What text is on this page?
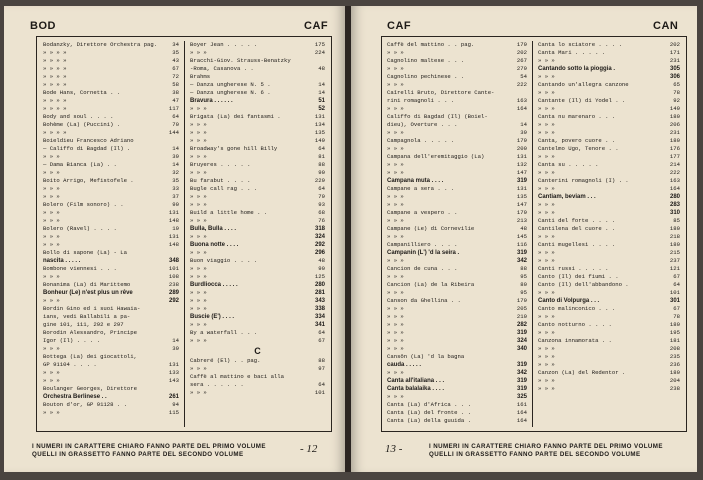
BOD	CAF
Bodanzky, Direttore Orchestra pag.	34
» » » »	35
» » » »	43
» » » »	67
» » » »	72
» » » »	58
Bode Hans, Cornetta . .	38
» » » »	47
» » » »	117
Body and soul . . . .	64
Bohème (La) (Puccini) .	70
» » » »	144
Boieldieu Francesco Adriano
— Califfo di Bagdad (Il) .	14
» » »	39
— Dama Bianca (La) . .	14
» » »	32
Boito Arrigo, Mefistofele .	35
» » »	33
» » »	37
Bolero (Film sonoro) . .	90
» » »	131
» » »	148
Bolero (Ravel) . . . .	19
» » »	131
» » »	148
Bollo di sapone (La) - La
nascita . . . . .	348
Bombone viennesi . . .	101
» » »	108
Bonanima (La) di Marittemo	238
Bonheur (Le) n'est plus un rêve	289
» » »	292
Bordin Gino ed i suoi Hawaia-
ians, vedi Ballabili a pa-
gine 101, 111, 292 e 297
Borodin Alessandro, Principe
Igor (Il) . . . .	14
» » »	39
Bottega (La) dei giocattoli,
GP 91104 . . . .	131
» » »	133
» » »	143
Boulanger Georges, Direttore
Orchestra Berlinese . .	261
Bouton d'or, GP 91128 . .	94
» » »	115
Boyer Jean . . . . .	175
» » »	224
Bracchi-Giov. Strauss-Benatzky
-Roma, Casanova . .	48
Brahms
— Danza ungherese N. 5 .	14
— Danza ungherese N. 6 .	14
Bravura . . . . . .	51
» » »	52
Brigata (La) dei fantasmi .	131
» » »	134
» » »	135
» » »	149
Broadway's gone hill Billy	64
» » »	81
Bruyeres . . . . .	88
» » »	90
Bu farabut . . . .	229
Bugle call rag . . .	64
» » »	79
» » »	93
Build a little home . .	68
» » »	76
Bulla, Bulla . . . .	318
» » »	324
Buona notte . . . .	292
» » »	296
Buon viaggio . . . .	48
» » »	90
» » »	125
Burdliocca . . . . .	280
» » »	281
» » »	343
» » »	338
Buscie (E') . . . .	334
» » »	341
By a waterfall . . .	64
» » »	67
C
Cabreré (El) . . pag.	88
» » »	97
Caffè al mattino e baci alla
sera . . . . . .	64
» » »	101
I NUMERI IN CARATTERE CHIARO FANNO PARTE DEL PRIMO VOLUME
QUELLI IN GRASSETTO FANNO PARTE DEL SECONDO VOLUME	- 12
CAF	CAN
Caffè del mattino . . pag.	179
» » »	202
Cagnolino maltese . . .	267
» » »	279
Cagnolino pechinese . .	54
» » »	222
Caîrelli Bruto, Direttore Cante-
rini romagnoli . . .	163
» » »	164
Califfo di Bagdad (Il) (Boiel-
dieu), Overture . . .	14
» » »	39
Campagnola . . . . .	179
» » »	200
Campana dell'eremitaggio (La)	131
» » »	132
» » »	147
Campana muta . . . .	319
Campane a sera . . .	131
» » »	135
» » »	147
Campane a vespero . .	179
» » »	213
Campane (Le) di Cornevilie	48
» » »	145
Campanilliero . . . .	116
Campanin (L') 'd la seira .	319
» » »	342
Cancion de cuna . . .	88
» » »	95
Cancion (La) de la Ribeira	80
» » »	95
Canson da Ghellina . .	179
» » »	205
» » »	210
» » »	282
» » »	319
» » »	324
» » »	340
Cansôn (La) 'd la bagna
cauda . . . . .	319
» » »	342
Canta all'italiana . . .	319
Canta balalaika . . . .	319
» » »	325
Canta (La) d'Africa . . .	161
Canta (La) del fronte . .	164
Canta (La) della guuida .	164
Canta lo sciatore . . . .	202
Canta Mari . . . . .	171
» » »	231
Cantando sotto la pioggia .	305
» » »	306
Cantando un'allegra canzone	65
» » »	78
Cantante (Il) di Yodel . .	92
» » »	149
Canta nu marenaro . . .	180
» » »	206
» » »	231
Canta, povero cuore . .	180
Cantelmo Ugo, Tenore . .	176
» » »	177
Canta su . . . . .	214
» » »	222
Canterini romagnoli (I) . .	163
» » »	164
Cantiam, beviam . . .	280
» » »	283
» » »	310
Canti del forte . . . .	85
Cantilena del cuore . .	180
» » »	218
Canti mugellesi . . . .	180
» » »	215
» » »	237
Canti russi . . . . .	121
Canto (Il) dei fiumi . .	67
Canto (Il) dell'abbandono .	64
» » »	101
Canto di Volpurga . . .	301
Canto malinconico . . .	67
» » »	78
Canto notturno . . . .	180
» » »	195
Canzona innamorata . .	181
» » »	208
» » »	235
» » »	236
Canzon (La) del Redentor .	180
» » »	204
» » »	238
13 -	I NUMERI IN CARATTERE CHIARO FANNO PARTE DEL PRIMO VOLUME
QUELLI IN GRASSETTO FANNO PARTE DEL SECONDO VOLUME
